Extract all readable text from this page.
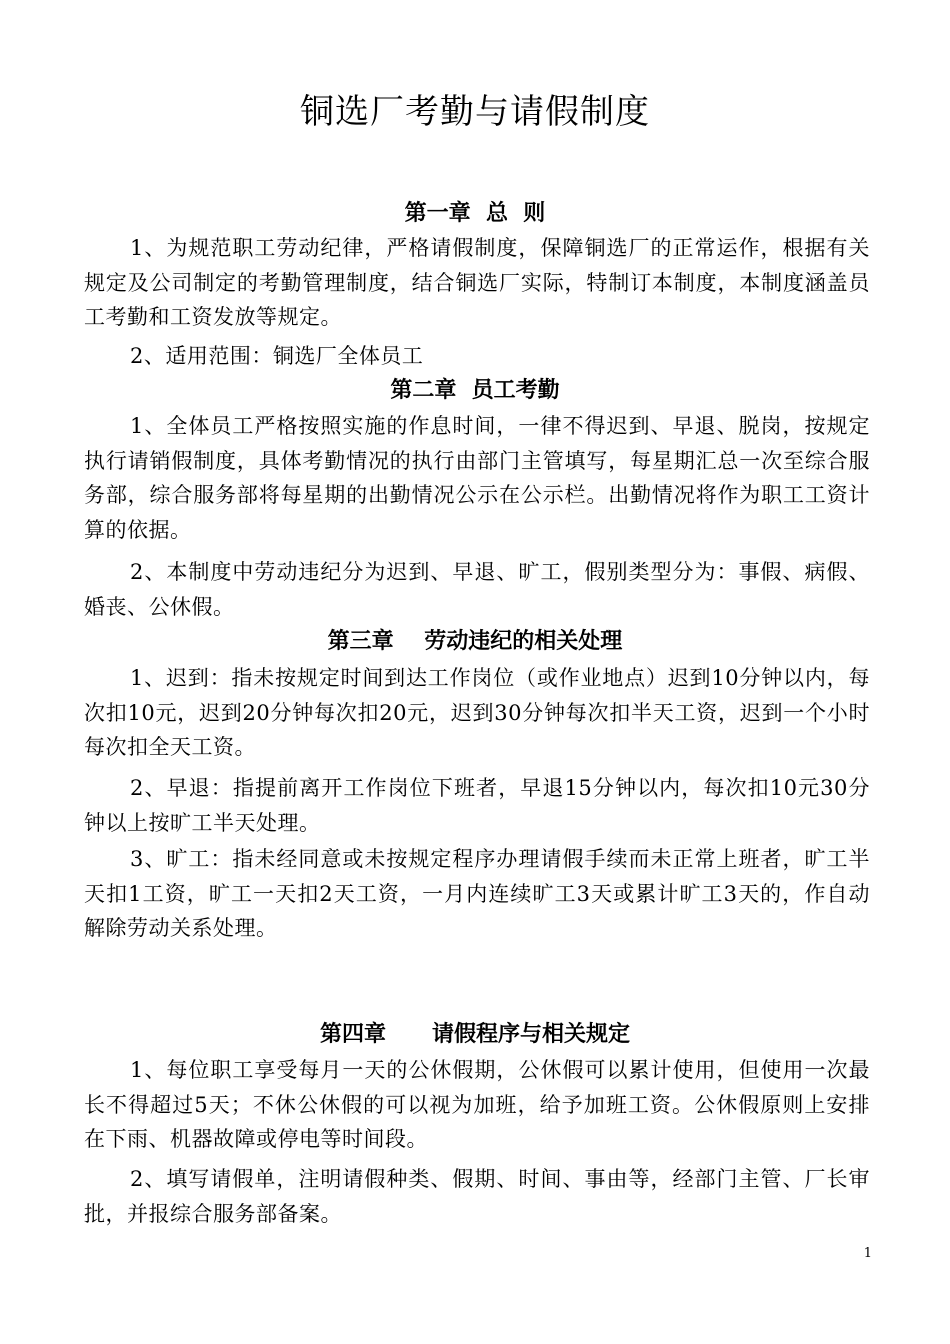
铜选厂考勤与请假制度
第一章  总  则
1、为规范职工劳动纪律，严格请假制度，保障铜选厂的正常运作，根据有关规定及公司制定的考勤管理制度，结合铜选厂实际，特制订本制度，本制度涵盖员工考勤和工资发放等规定。
2、适用范围：铜选厂全体员工
第二章  员工考勤
1、全体员工严格按照实施的作息时间，一律不得迟到、早退、脱岗，按规定执行请销假制度，具体考勤情况的执行由部门主管填写，每星期汇总一次至综合服务部，综合服务部将每星期的出勤情况公示在公示栏。出勤情况将作为职工工资计算的依据。
2、本制度中劳动违纪分为迟到、早退、旷工，假别类型分为：事假、病假、婚丧、公休假。
第三章    劳动违纪的相关处理
1、迟到：指未按规定时间到达工作岗位（或作业地点）迟到10分钟以内，每次扣10元，迟到20分钟每次扣20元，迟到30分钟每次扣半天工资，迟到一个小时每次扣全天工资。
2、早退：指提前离开工作岗位下班者，早退15分钟以内，每次扣10元30分钟以上按旷工半天处理。
3、旷工：指未经同意或未按规定程序办理请假手续而未正常上班者，旷工半天扣1工资，旷工一天扣2天工资，一月内连续旷工3天或累计旷工3天的，作自动解除劳动关系处理。
第四章      请假程序与相关规定
1、每位职工享受每月一天的公休假期，公休假可以累计使用，但使用一次最长不得超过5天；不休公休假的可以视为加班，给予加班工资。公休假原则上安排在下雨、机器故障或停电等时间段。
2、填写请假单，注明请假种类、假期、时间、事由等，经部门主管、厂长审批，并报综合服务部备案。
1
